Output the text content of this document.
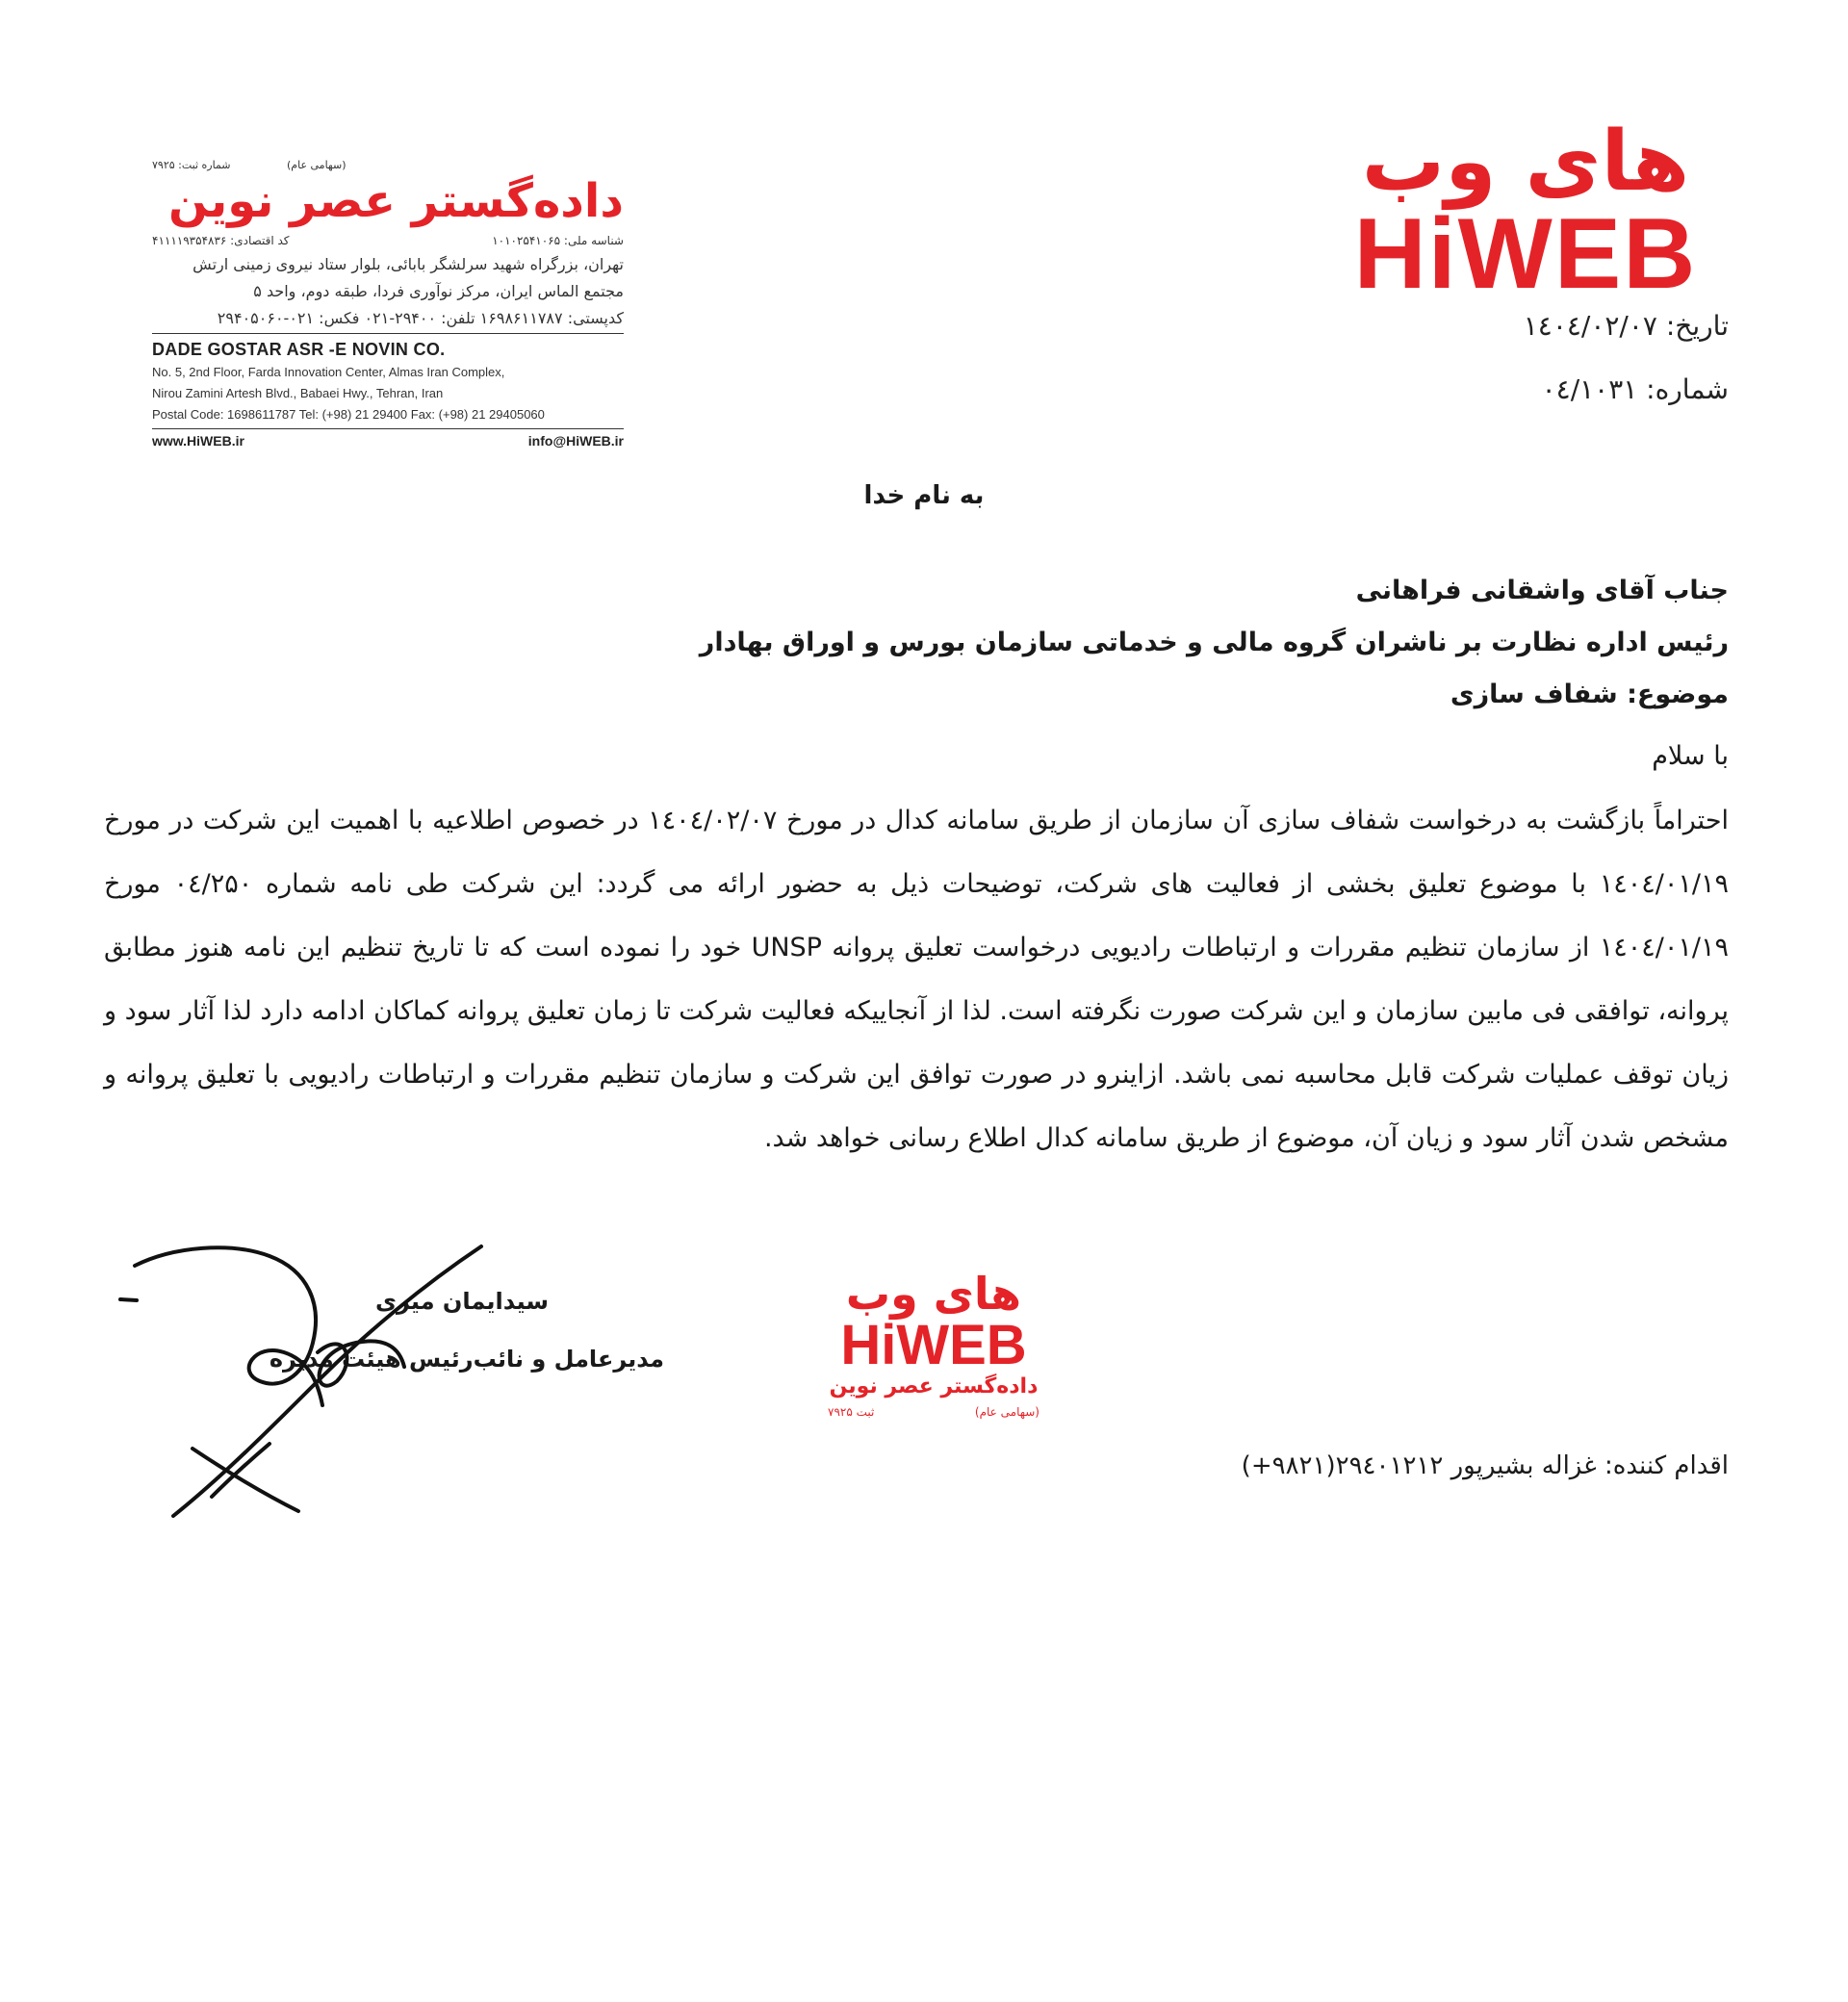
های وب
HiWEB
شماره ثبت: ۷۹۲۵	(سهامی عام)
داده‌گستر عصر نوین
شناسه ملی: ۱۰۱۰۲۵۴۱۰۶۵
کد اقتصادی: ۴۱۱۱۱۹۳۵۴۸۳۶
تهران، بزرگراه شهید سرلشگر بابائی، بلوار ستاد نیروی زمینی ارتش
مجتمع الماس ایران، مرکز نوآوری فردا، طبقه دوم، واحد ۵
کدپستی: ۱۶۹۸۶۱۱۷۸۷ تلفن: ۲۹۴۰۰-۰۲۱ فکس: ۰۲۱-۲۹۴۰۵۰۶۰
DADE GOSTAR ASR -E NOVIN CO.
No. 5, 2nd Floor, Farda Innovation Center, Almas Iran Complex,
Nirou Zamini Artesh Blvd., Babaei Hwy., Tehran, Iran
Postal Code: 1698611787 Tel: (+98) 21 29400 Fax: (+98) 21 29405060
www.HiWEB.ir	info@HiWEB.ir
تاریخ: ۱٤۰٤/۰۲/۰۷
شماره: ۰٤/۱۰۳۱
به نام خدا
جناب آقای واشقانی فراهانی
رئیس اداره نظارت بر ناشران گروه مالی و خدماتی سازمان بورس و اوراق بهادار
موضوع: شفاف سازی
با سلام
احتراماً بازگشت به درخواست شفاف سازی آن سازمان از طریق سامانه کدال در مورخ ۱٤۰٤/۰۲/۰۷ در خصوص اطلاعیه با اهمیت این شرکت در مورخ ۱٤۰٤/۰۱/۱۹ با موضوع تعلیق بخشی از فعالیت های شرکت، توضیحات ذیل به حضور ارائه می گردد: این شرکت طی نامه شماره ۰٤/۲۵۰ مورخ ۱٤۰٤/۰۱/۱۹ از سازمان تنظیم مقررات و ارتباطات رادیویی درخواست تعلیق پروانه UNSP خود را نموده است که تا تاریخ تنظیم این نامه هنوز مطابق پروانه، توافقی فی مابین سازمان و این شرکت صورت نگرفته است. لذا از آنجاییکه فعالیت شرکت تا زمان تعلیق پروانه کماکان ادامه دارد لذا آثار سود و زیان توقف عملیات شرکت قابل محاسبه نمی باشد. ازاینرو در صورت توافق این شرکت و سازمان تنظیم مقررات و ارتباطات رادیویی با تعلیق پروانه و مشخص شدن آثار سود و زیان آن، موضوع از طریق سامانه کدال اطلاع رسانی خواهد شد.
های وب
HiWEB
داده‌گستر عصر نوین
(سهامی عام)
ثبت ۷۹۲۵
سیدایمان میری
مدیرعامل و نائب‌رئیس هیئت مدیره
اقدام کننده: غزاله بشیرپور ۲۹٤۰۱۲۱۲(۹۸۲۱+)
